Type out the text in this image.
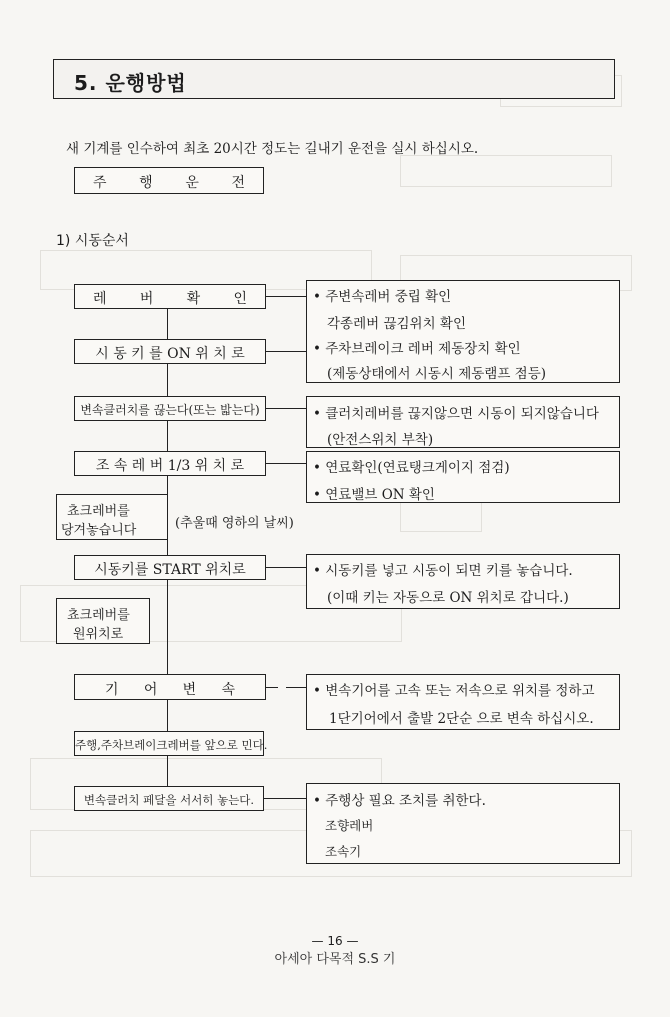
5. 운행방법
새 기계를 인수하여 최초 20시간 정도는 길내기 운전을 실시 하십시오.
주 행 운 전
1) 시동순서
레 버 확 인
시 동 키 를 ON 위 치 로
변속클러치를 끊는다(또는 밟는다)
조 속 레 버 1/3 위 치 로
쵸크레버를
당겨놓습니다	(추울때 영하의 날씨)
시동키를 START 위치로
쵸크레버를
원위치로
기 어 변 속
주행,주차브레이크레버를 앞으로 민다.
변속클러치 페달을 서서히 놓는다.
• 주변속레버 중립 확인
각종레버 끊김위치 확인
• 주차브레이크 레버 제동장치 확인
(제동상태에서 시동시 제동램프 점등)
• 클러치레버를 끊지않으면 시동이 되지않습니다
(안전스위치 부착)
• 연료확인(연료탱크게이지 점검)
• 연료밸브 ON 확인
• 시동키를 넣고 시동이 되면 키를 놓습니다.
(이때 키는 자동으로 ON 위치로 갑니다.)
• 변속기어를 고속 또는 저속으로 위치를 정하고
1단기어에서 출발 2단순 으로 변속 하십시오.
• 주행상 필요 조치를 취한다.
조향레버
조속기
— 16 —
아세아 다목적 S.S 기
